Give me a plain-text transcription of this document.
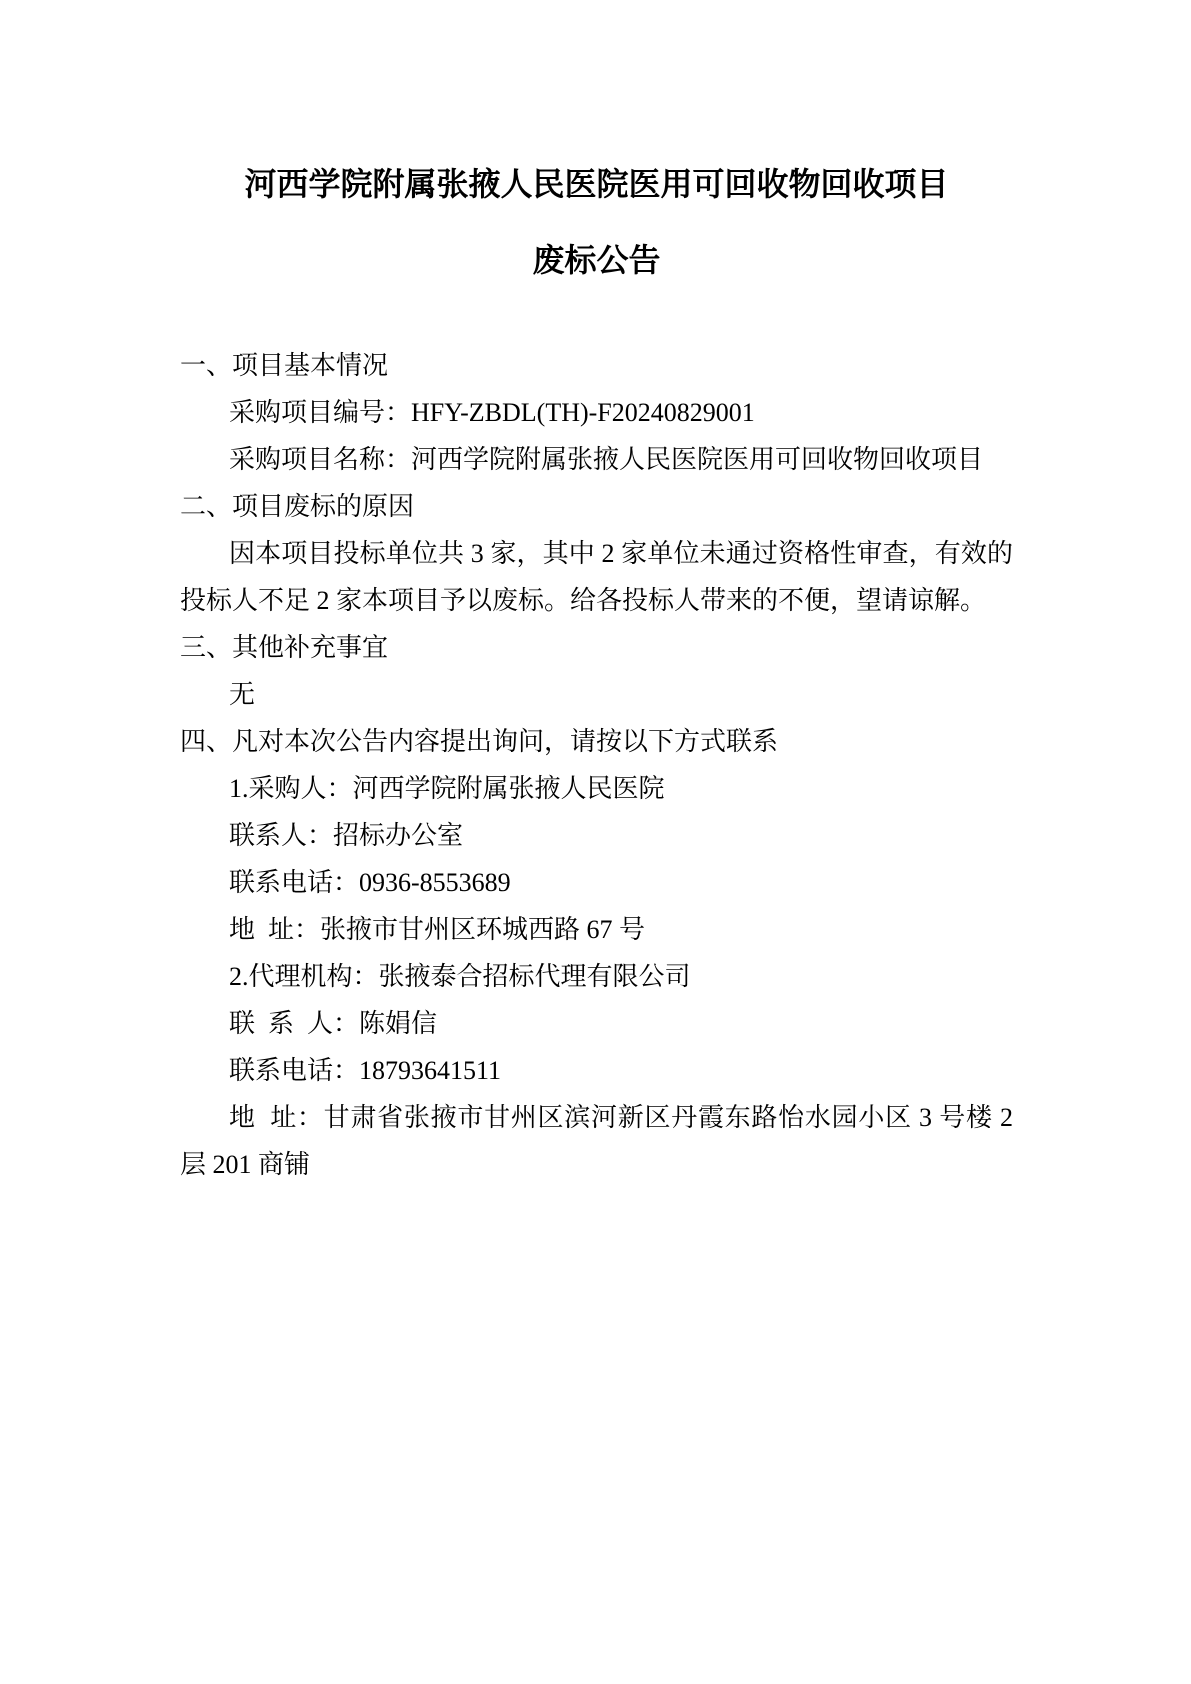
河西学院附属张掖人民医院医用可回收物回收项目
废标公告

一、项目基本情况

采购项目编号：HFY-ZBDL(TH)-F20240829001

采购项目名称：河西学院附属张掖人民医院医用可回收物回收项目

二、项目废标的原因

因本项目投标单位共 3 家，其中 2 家单位未通过资格性审查，有效的投标人不足 2 家本项目予以废标。给各投标人带来的不便，望请谅解。

三、其他补充事宜

无

四、凡对本次公告内容提出询问，请按以下方式联系

1.采购人：河西学院附属张掖人民医院

联系人：招标办公室

联系电话：0936-8553689

地  址：张掖市甘州区环城西路 67 号

2.代理机构：张掖泰合招标代理有限公司

联  系  人：陈娟信

联系电话：18793641511

地  址：甘肃省张掖市甘州区滨河新区丹霞东路怡水园小区 3 号楼 2 层 201 商铺
